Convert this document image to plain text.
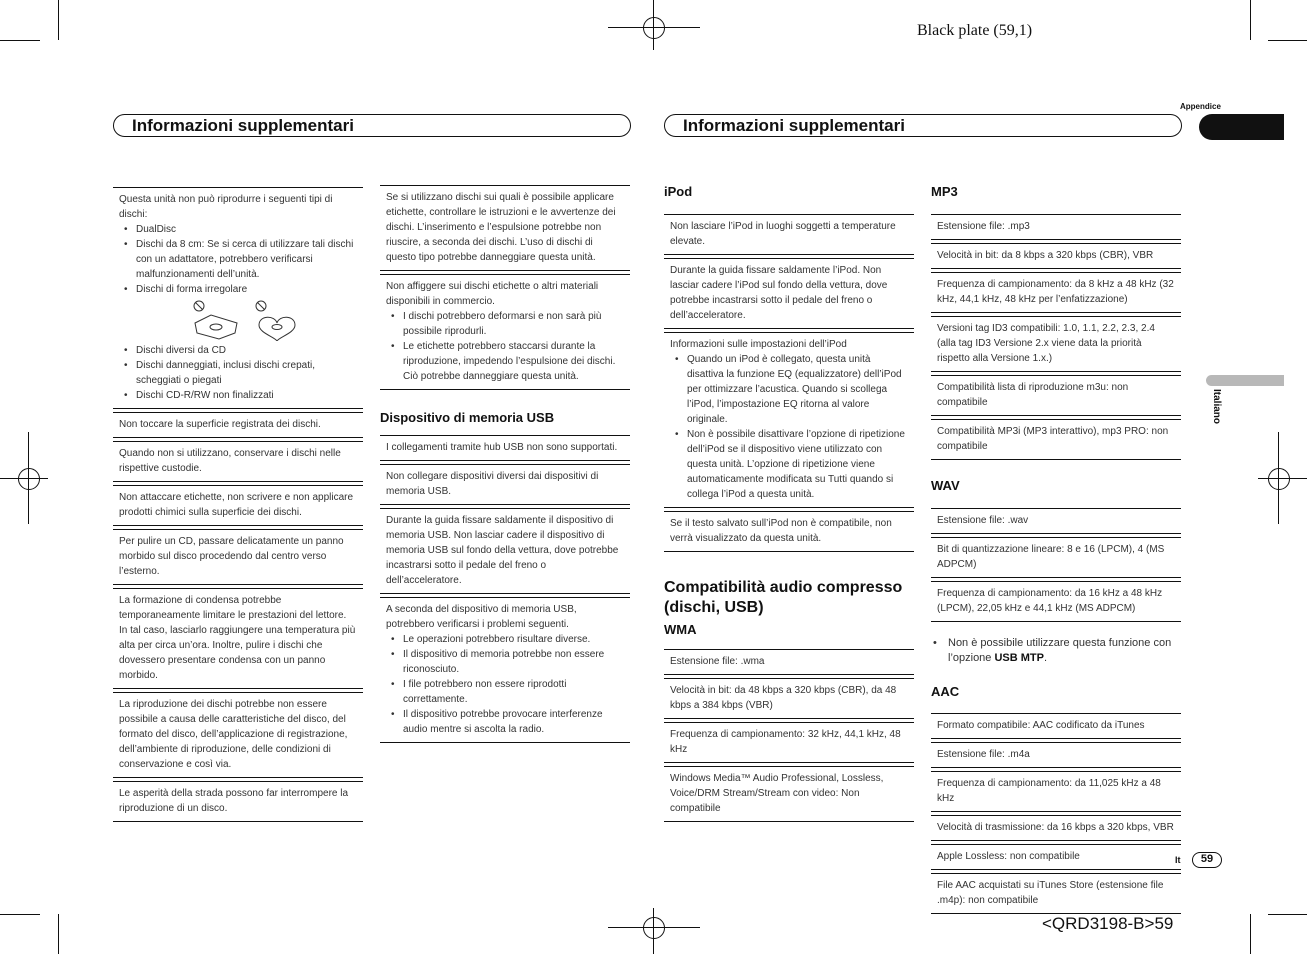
Black plate (59,1)
<QRD3198-B>59
Informazioni supplementari	Informazioni supplementari
Appendice
Italiano
It	59
Questa unità non può riprodurre i seguenti tipi di dischi:
• DualDisc
• Dischi da 8 cm: Se si cerca di utilizzare tali dischi con un adattatore, potrebbero verificarsi malfunzionamenti dell’unità.
• Dischi di forma irregolare
• Dischi diversi da CD
• Dischi danneggiati, inclusi dischi crepati, scheggiati o piegati
• Dischi CD-R/RW non finalizzati
Non toccare la superficie registrata dei dischi.
Quando non si utilizzano, conservare i dischi nelle rispettive custodie.
Non attaccare etichette, non scrivere e non applicare prodotti chimici sulla superficie dei dischi.
Per pulire un CD, passare delicatamente un panno morbido sul disco procedendo dal centro verso l’esterno.
La formazione di condensa potrebbe temporaneamente limitare le prestazioni del lettore. In tal caso, lasciarlo raggiungere una temperatura più alta per circa un’ora. Inoltre, pulire i dischi che dovessero presentare condensa con un panno morbido.
La riproduzione dei dischi potrebbe non essere possibile a causa delle caratteristiche del disco, del formato del disco, dell’applicazione di registrazione, dell’ambiente di riproduzione, delle condizioni di conservazione e così via.
Le asperità della strada possono far interrompere la riproduzione di un disco.
Se si utilizzano dischi sui quali è possibile applicare etichette, controllare le istruzioni e le avvertenze dei dischi. L’inserimento e l’espulsione potrebbe non riuscire, a seconda dei dischi. L’uso di dischi di questo tipo potrebbe danneggiare questa unità.
Non affiggere sui dischi etichette o altri materiali disponibili in commercio.
• I dischi potrebbero deformarsi e non sarà più possibile riprodurli.
• Le etichette potrebbero staccarsi durante la riproduzione, impedendo l’espulsione dei dischi. Ciò potrebbe danneggiare questa unità.
Dispositivo di memoria USB
I collegamenti tramite hub USB non sono supportati.
Non collegare dispositivi diversi dai dispositivi di memoria USB.
Durante la guida fissare saldamente il dispositivo di memoria USB. Non lasciar cadere il dispositivo di memoria USB sul fondo della vettura, dove potrebbe incastrarsi sotto il pedale del freno o dell’acceleratore.
A seconda del dispositivo di memoria USB, potrebbero verificarsi i problemi seguenti.
• Le operazioni potrebbero risultare diverse.
• Il dispositivo di memoria potrebbe non essere riconosciuto.
• I file potrebbero non essere riprodotti correttamente.
• Il dispositivo potrebbe provocare interferenze audio mentre si ascolta la radio.
iPod
Non lasciare l’iPod in luoghi soggetti a temperature elevate.
Durante la guida fissare saldamente l’iPod. Non lasciar cadere l’iPod sul fondo della vettura, dove potrebbe incastrarsi sotto il pedale del freno o dell’acceleratore.
Informazioni sulle impostazioni dell’iPod
• Quando un iPod è collegato, questa unità disattiva la funzione EQ (equalizzatore) dell’iPod per ottimizzare l’acustica. Quando si scollega l’iPod, l’impostazione EQ ritorna al valore originale.
• Non è possibile disattivare l’opzione di ripetizione dell’iPod se il dispositivo viene utilizzato con questa unità. L’opzione di ripetizione viene automaticamente modificata su Tutti quando si collega l’iPod a questa unità.
Se il testo salvato sull’iPod non è compatibile, non verrà visualizzato da questa unità.
Compatibilità audio compresso (dischi, USB)
WMA
Estensione file: .wma
Velocità in bit: da 48 kbps a 320 kbps (CBR), da 48 kbps a 384 kbps (VBR)
Frequenza di campionamento: 32 kHz, 44,1 kHz, 48 kHz
Windows Media™ Audio Professional, Lossless, Voice/DRM Stream/Stream con video: Non compatibile
MP3
Estensione file: .mp3
Velocità in bit: da 8 kbps a 320 kbps (CBR), VBR
Frequenza di campionamento: da 8 kHz a 48 kHz (32 kHz, 44,1 kHz, 48 kHz per l’enfatizzazione)
Versioni tag ID3 compatibili: 1.0, 1.1, 2.2, 2.3, 2.4 (alla tag ID3 Versione 2.x viene data la priorità rispetto alla Versione 1.x.)
Compatibilità lista di riproduzione m3u: non compatibile
Compatibilità MP3i (MP3 interattivo), mp3 PRO: non compatibile
WAV
Estensione file: .wav
Bit di quantizzazione lineare: 8 e 16 (LPCM), 4 (MS ADPCM)
Frequenza di campionamento: da 16 kHz a 48 kHz (LPCM), 22,05 kHz e 44,1 kHz (MS ADPCM)
• Non è possibile utilizzare questa funzione con l’opzione USB MTP.
AAC
Formato compatibile: AAC codificato da iTunes
Estensione file: .m4a
Frequenza di campionamento: da 11,025 kHz a 48 kHz
Velocità di trasmissione: da 16 kbps a 320 kbps, VBR
Apple Lossless: non compatibile
File AAC acquistati su iTunes Store (estensione file .m4p): non compatibile
